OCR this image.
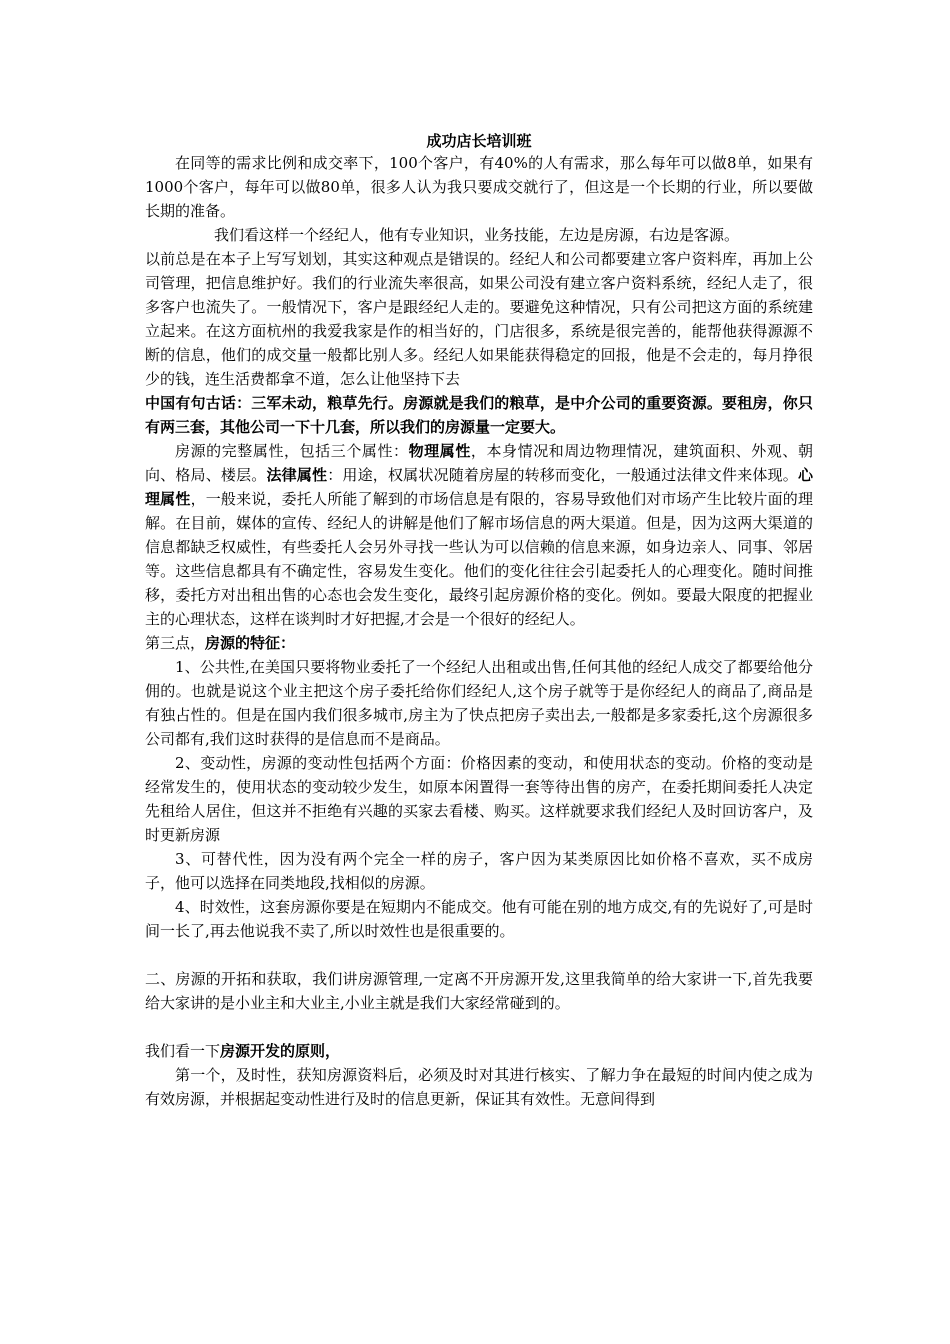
成功店长培训班

在同等的需求比例和成交率下，100个客户，有40%的人有需求，那么每年可以做8单，如果有1000个客户，每年可以做80单，很多人认为我只要成交就行了，但这是一个长期的行业，所以要做长期的准备。

我们看这样一个经纪人，他有专业知识，业务技能，左边是房源，右边是客源。

以前总是在本子上写写划划，其实这种观点是错误的。经纪人和公司都要建立客户资料库，再加上公司管理，把信息维护好。我们的行业流失率很高，如果公司没有建立客户资料系统，经纪人走了，很多客户也流失了。一般情况下，客户是跟经纪人走的。要避免这种情况，只有公司把这方面的系统建立起来。在这方面杭州的我爱我家是作的相当好的，门店很多，系统是很完善的，能帮他获得源源不断的信息，他们的成交量一般都比别人多。经纪人如果能获得稳定的回报，他是不会走的，每月挣很少的钱，连生活费都拿不道，怎么让他坚持下去

中国有句古话：三军未动，粮草先行。房源就是我们的粮草，是中介公司的重要资源。要租房，你只有两三套，其他公司一下十几套，所以我们的房源量一定要大。

房源的完整属性，包括三个属性：物理属性，本身情况和周边物理情况，建筑面积、外观、朝向、格局、楼层。法律属性：用途，权属状况随着房屋的转移而变化，一般通过法律文件来体现。心理属性，一般来说，委托人所能了解到的市场信息是有限的，容易导致他们对市场产生比较片面的理解。在目前，媒体的宣传、经纪人的讲解是他们了解市场信息的两大渠道。但是，因为这两大渠道的信息都缺乏权威性，有些委托人会另外寻找一些认为可以信赖的信息来源，如身边亲人、同事、邻居等。这些信息都具有不确定性，容易发生变化。他们的变化往往会引起委托人的心理变化。随时间推移，委托方对出租出售的心态也会发生变化，最终引起房源价格的变化。例如。要最大限度的把握业主的心理状态，这样在谈判时才好把握,才会是一个很好的经纪人。

第三点，房源的特征：

1、公共性,在美国只要将物业委托了一个经纪人出租或出售,任何其他的经纪人成交了都要给他分佣的。也就是说这个业主把这个房子委托给你们经纪人,这个房子就等于是你经纪人的商品了,商品是有独占性的。但是在国内我们很多城市,房主为了快点把房子卖出去,一般都是多家委托,这个房源很多公司都有,我们这时获得的是信息而不是商品。

2、变动性，房源的变动性包括两个方面：价格因素的变动，和使用状态的变动。价格的变动是经常发生的，使用状态的变动较少发生，如原本闲置得一套等待出售的房产，在委托期间委托人决定先租给人居住，但这并不拒绝有兴趣的买家去看楼、购买。这样就要求我们经纪人及时回访客户，及时更新房源

3、可替代性，因为没有两个完全一样的房子，客户因为某类原因比如价格不喜欢，买不成房子，他可以选择在同类地段,找相似的房源。

4、时效性，这套房源你要是在短期内不能成交。他有可能在别的地方成交,有的先说好了,可是时间一长了,再去他说我不卖了,所以时效性也是很重要的。

二、房源的开拓和获取，我们讲房源管理,一定离不开房源开发,这里我简单的给大家讲一下,首先我要给大家讲的是小业主和大业主,小业主就是我们大家经常碰到的。

我们看一下房源开发的原则，

第一个，及时性，获知房源资料后，必须及时对其进行核实、了解力争在最短的时间内使之成为有效房源，并根据起变动性进行及时的信息更新，保证其有效性。无意间得到
